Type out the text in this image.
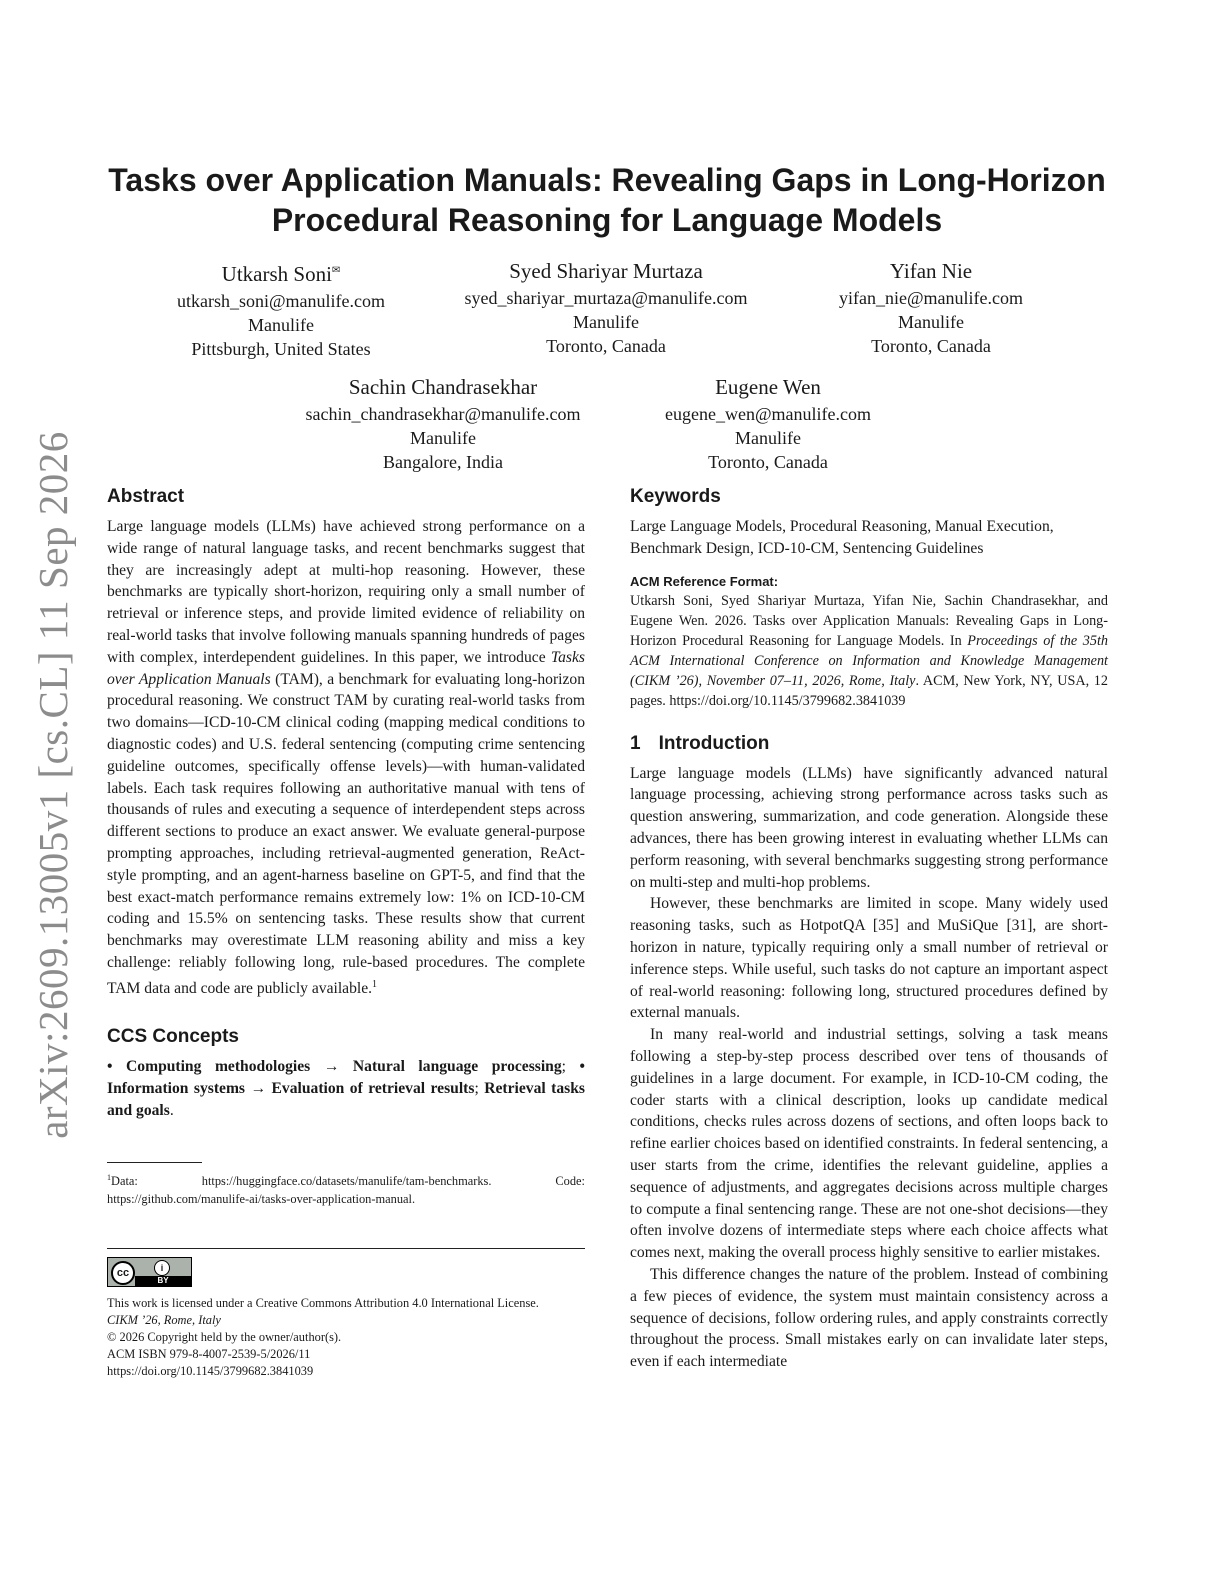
arXiv:2609.13005v1 [cs.CL] 11 Sep 2026
Tasks over Application Manuals: Revealing Gaps in Long-Horizon
Procedural Reasoning for Language Models
Utkarsh Soni✉
utkarsh_soni@manulife.com
Manulife
Pittsburgh, United States
Syed Shariyar Murtaza
syed_shariyar_murtaza@manulife.com
Manulife
Toronto, Canada
Yifan Nie
yifan_nie@manulife.com
Manulife
Toronto, Canada
Sachin Chandrasekhar
sachin_chandrasekhar@manulife.com
Manulife
Bangalore, India
Eugene Wen
eugene_wen@manulife.com
Manulife
Toronto, Canada
Abstract

Large language models (LLMs) have achieved strong performance on a wide range of natural language tasks, and recent benchmarks suggest that they are increasingly adept at multi-hop reasoning. However, these benchmarks are typically short-horizon, requiring only a small number of retrieval or inference steps, and provide limited evidence of reliability on real-world tasks that involve following manuals spanning hundreds of pages with complex, interdependent guidelines. In this paper, we introduce Tasks over Application Manuals (TAM), a benchmark for evaluating long-horizon procedural reasoning. We construct TAM by curating real-world tasks from two domains—ICD-10-CM clinical coding (mapping medical conditions to diagnostic codes) and U.S. federal sentencing (computing crime sentencing guideline outcomes, specifically offense levels)—with human-validated labels. Each task requires following an authoritative manual with tens of thousands of rules and executing a sequence of interdependent steps across different sections to produce an exact answer. We evaluate general-purpose prompting approaches, including retrieval-augmented generation, ReAct-style prompting, and an agent-harness baseline on GPT-5, and find that the best exact-match performance remains extremely low: 1% on ICD-10-CM coding and 15.5% on sentencing tasks. These results show that current benchmarks may overestimate LLM reasoning ability and miss a key challenge: reliably following long, rule-based procedures. The complete TAM data and code are publicly available.$^1$

CCS Concepts

• Computing methodologies → Natural language processing; • Information systems → Evaluation of retrieval results; Retrieval tasks and goals.

$^1$Data: https://huggingface.co/datasets/manulife/tam-benchmarks. Code: https://github.com/manulife-ai/tasks-over-application-manual.

cc	i
BY

This work is licensed under a Creative Commons Attribution 4.0 International License.

CIKM ’26, Rome, Italy

© 2026 Copyright held by the owner/author(s).

ACM ISBN 979-8-4007-2539-5/2026/11

https://doi.org/10.1145/3799682.3841039

Keywords

Large Language Models, Procedural Reasoning, Manual Execution, Benchmark Design, ICD-10-CM, Sentencing Guidelines

ACM Reference Format:

Utkarsh Soni, Syed Shariyar Murtaza, Yifan Nie, Sachin Chandrasekhar, and Eugene Wen. 2026. Tasks over Application Manuals: Revealing Gaps in Long-Horizon Procedural Reasoning for Language Models. In Proceedings of the 35th ACM International Conference on Information and Knowledge Management (CIKM ’26), November 07–11, 2026, Rome, Italy. ACM, New York, NY, USA, 12 pages. https://doi.org/10.1145/3799682.3841039

1 Introduction

Large language models (LLMs) have significantly advanced natural language processing, achieving strong performance across tasks such as question answering, summarization, and code generation. Alongside these advances, there has been growing interest in evaluating whether LLMs can perform reasoning, with several benchmarks suggesting strong performance on multi-step and multi-hop problems.

However, these benchmarks are limited in scope. Many widely used reasoning tasks, such as HotpotQA [35] and MuSiQue [31], are short-horizon in nature, typically requiring only a small number of retrieval or inference steps. While useful, such tasks do not capture an important aspect of real-world reasoning: following long, structured procedures defined by external manuals.

In many real-world and industrial settings, solving a task means following a step-by-step process described over tens of thousands of guidelines in a large document. For example, in ICD-10-CM coding, the coder starts with a clinical description, looks up candidate medical conditions, checks rules across dozens of sections, and often loops back to refine earlier choices based on identified constraints. In federal sentencing, a user starts from the crime, identifies the relevant guideline, applies a sequence of adjustments, and aggregates decisions across multiple charges to compute a final sentencing range. These are not one-shot decisions—they often involve dozens of intermediate steps where each choice affects what comes next, making the overall process highly sensitive to earlier mistakes.

This difference changes the nature of the problem. Instead of combining a few pieces of evidence, the system must maintain consistency across a sequence of decisions, follow ordering rules, and apply constraints correctly throughout the process. Small mistakes early on can invalidate later steps, even if each intermediate
